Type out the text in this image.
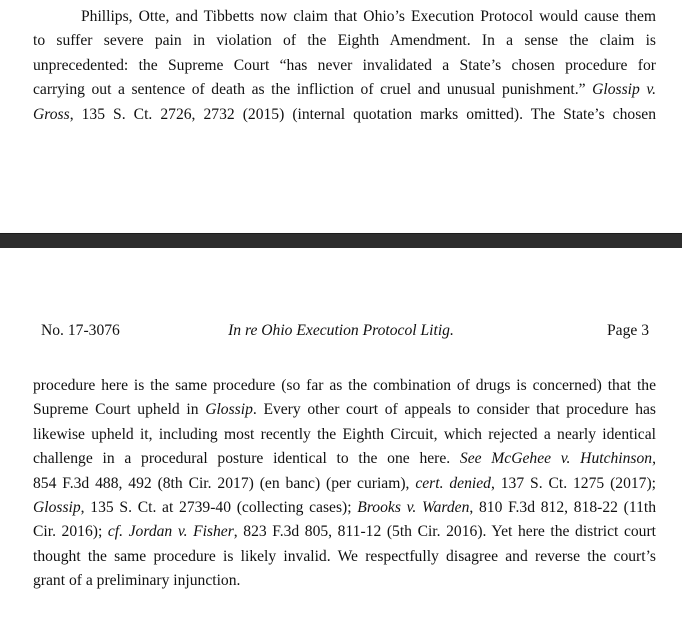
Phillips, Otte, and Tibbetts now claim that Ohio’s Execution Protocol would cause them
to suffer severe pain in violation of the Eighth Amendment. In a sense the claim is
unprecedented: the Supreme Court “has never invalidated a State’s chosen procedure for
carrying out a sentence of death as the infliction of cruel and unusual punishment.” Glossip v.
Gross, 135 S. Ct. 2726, 2732 (2015) (internal quotation marks omitted). The State’s chosen

No. 17-3076	In re Ohio Execution Protocol Litig.	Page 3

procedure here is the same procedure (so far as the combination of drugs is concerned) that the
Supreme Court upheld in Glossip. Every other court of appeals to consider that procedure has
likewise upheld it, including most recently the Eighth Circuit, which rejected a nearly identical
challenge in a procedural posture identical to the one here. See McGehee v. Hutchinson,
854 F.3d 488, 492 (8th Cir. 2017) (en banc) (per curiam), cert. denied, 137 S. Ct. 1275 (2017);
Glossip, 135 S. Ct. at 2739-40 (collecting cases); Brooks v. Warden, 810 F.3d 812, 818-22 (11th
Cir. 2016); cf. Jordan v. Fisher, 823 F.3d 805, 811-12 (5th Cir. 2016). Yet here the district court
thought the same procedure is likely invalid. We respectfully disagree and reverse the court’s
grant of a preliminary injunction.
